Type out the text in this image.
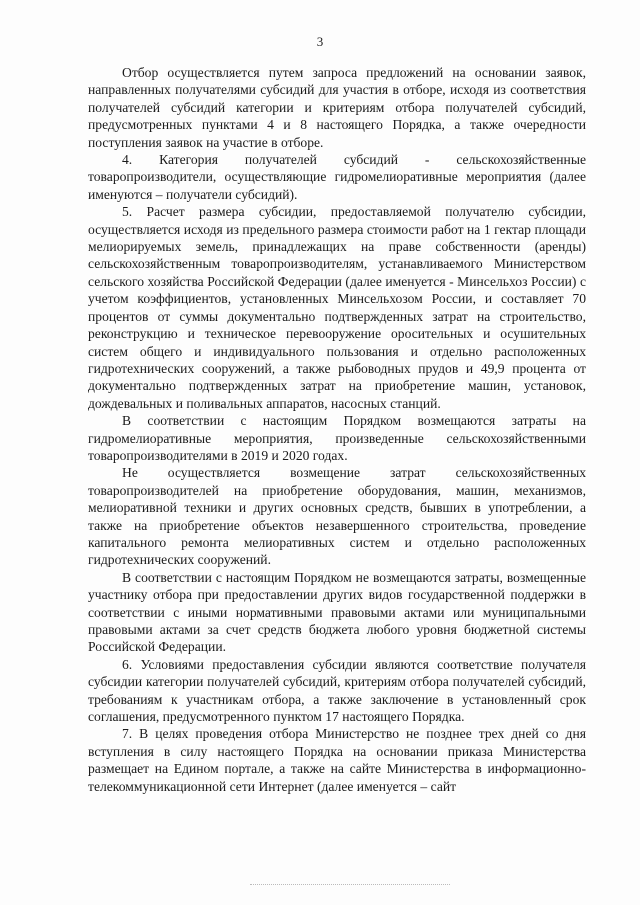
3

Отбор осуществляется путем запроса предложений на основании заявок, направленных получателями субсидий для участия в отборе, исходя из соответствия получателей субсидий категории и критериям отбора получателей субсидий, предусмотренных пунктами 4 и 8 настоящего Порядка, а также очередности поступления заявок на участие в отборе.

4. Категория получателей субсидий - сельскохозяйственные товаропроизводители, осуществляющие гидромелиоративные мероприятия (далее именуются – получатели субсидий).

5. Расчет размера субсидии, предоставляемой получателю субсидии, осуществляется исходя из предельного размера стоимости работ на 1 гектар площади мелиорируемых земель, принадлежащих на праве собственности (аренды) сельскохозяйственным товаропроизводителям, устанавливаемого Министерством сельского хозяйства Российской Федерации (далее именуется - Минсельхоз России) с учетом коэффициентов, установленных Минсельхозом России, и составляет 70 процентов от суммы документально подтвержденных затрат на строительство, реконструкцию и техническое перевооружение оросительных и осушительных систем общего и индивидуального пользования и отдельно расположенных гидротехнических сооружений, а также рыбоводных прудов и 49,9 процента от документально подтвержденных затрат на приобретение машин, установок, дождевальных и поливальных аппаратов, насосных станций.

В соответствии с настоящим Порядком возмещаются затраты на гидромелиоративные мероприятия, произведенные сельскохозяйственными товаропроизводителями в 2019 и 2020 годах.

Не осуществляется возмещение затрат сельскохозяйственных товаропроизводителей на приобретение оборудования, машин, механизмов, мелиоративной техники и других основных средств, бывших в употреблении, а также на приобретение объектов незавершенного строительства, проведение капитального ремонта мелиоративных систем и отдельно расположенных гидротехнических сооружений.

В соответствии с настоящим Порядком не возмещаются затраты, возмещенные участнику отбора при предоставлении других видов государственной поддержки в соответствии с иными нормативными правовыми актами или муниципальными правовыми актами за счет средств бюджета любого уровня бюджетной системы Российской Федерации.

6. Условиями предоставления субсидии являются соответствие получателя субсидии категории получателей субсидий, критериям отбора получателей субсидий, требованиям к участникам отбора, а также заключение в установленный срок соглашения, предусмотренного пунктом 17 настоящего Порядка.

7. В целях проведения отбора Министерство не позднее трех дней со дня вступления в силу настоящего Порядка на основании приказа Министерства размещает на Едином портале, а также на сайте Министерства в информационно-телекоммуникационной сети Интернет (далее именуется – сайт
